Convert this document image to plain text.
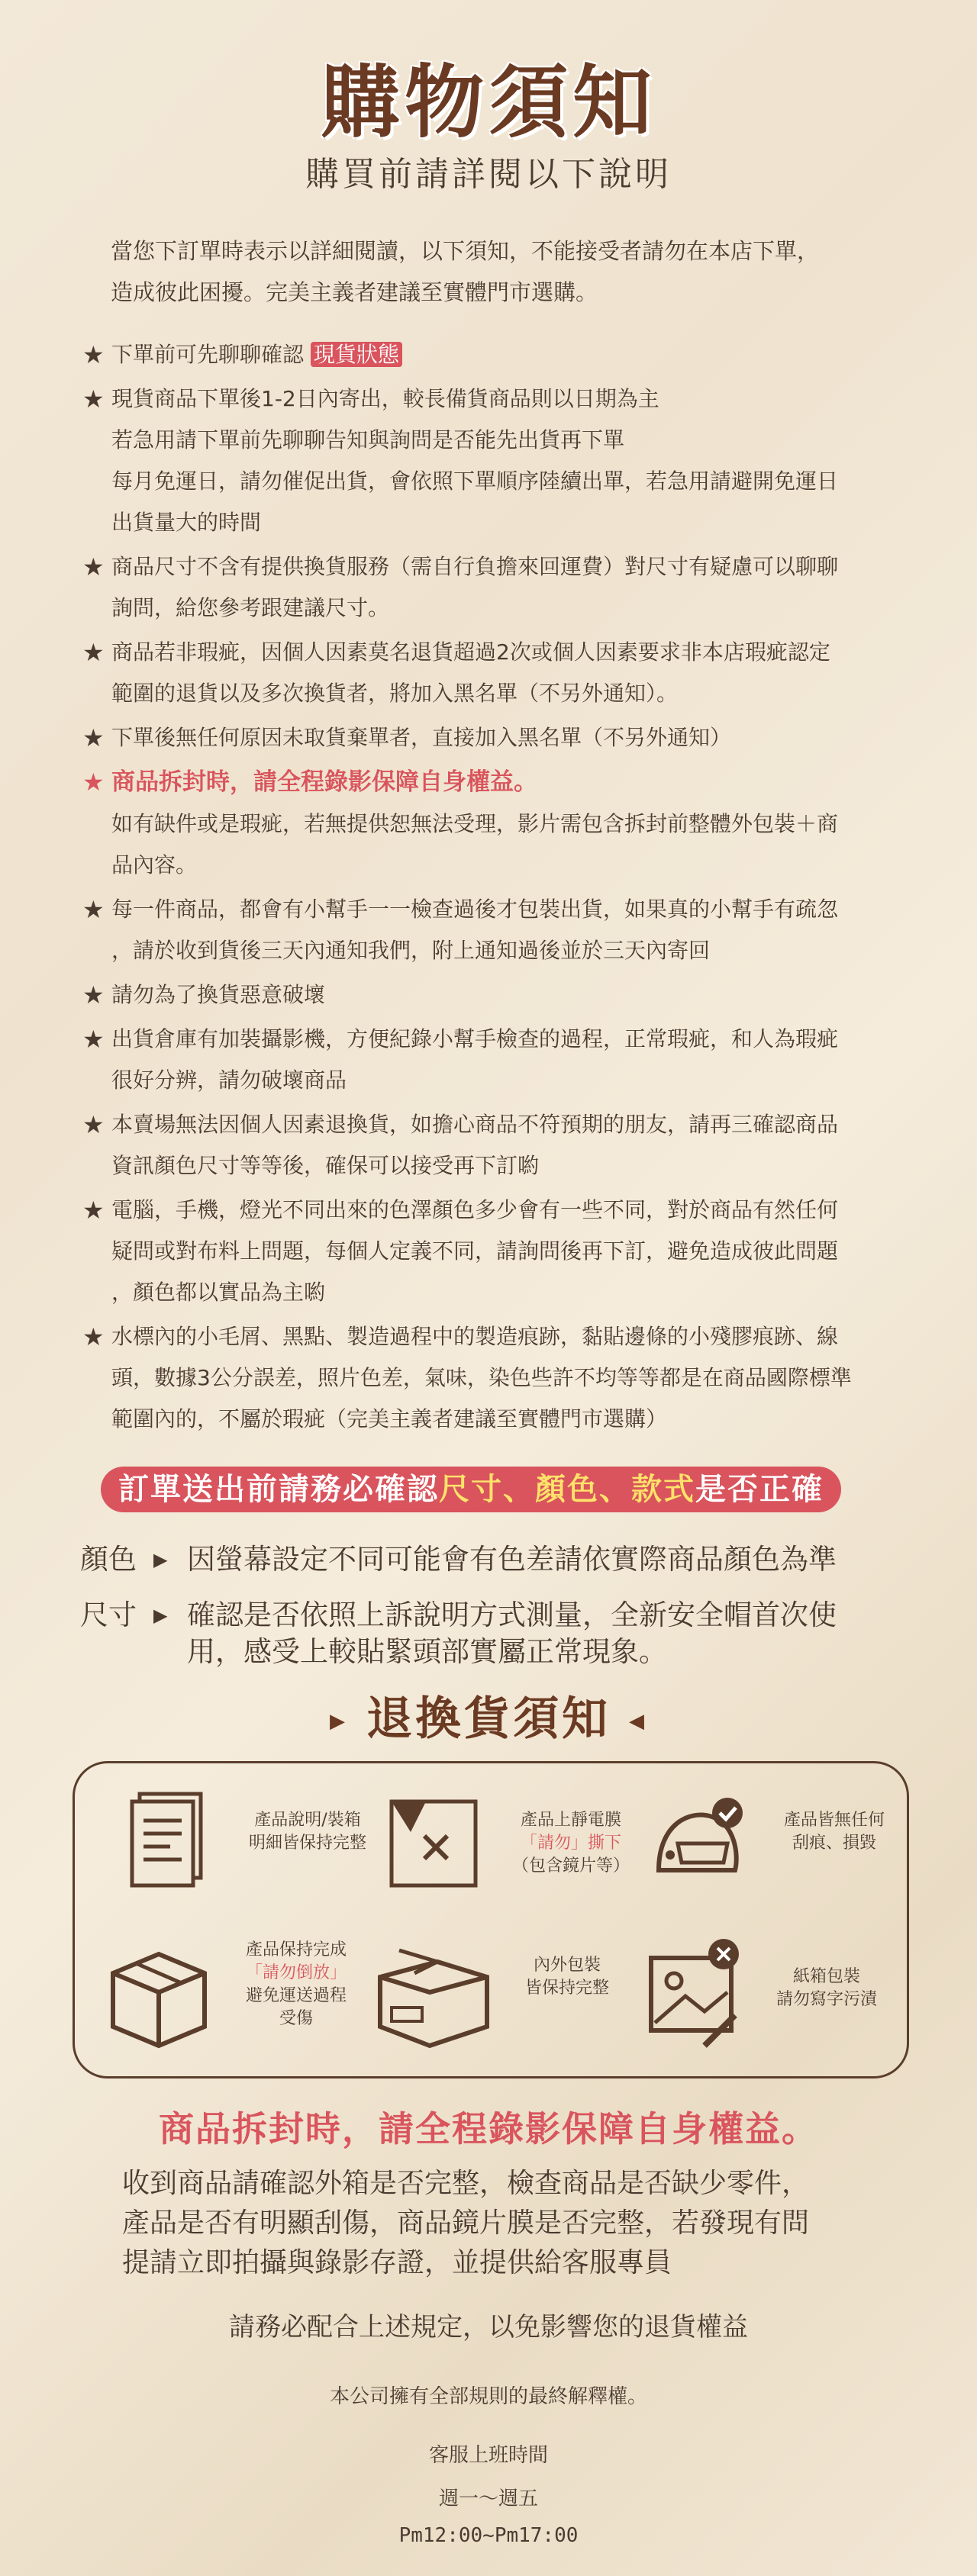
購物須知
購買前請詳閱以下說明
當您下訂單時表示以詳細閱讀，以下須知，不能接受者請勿在本店下單，
造成彼此困擾。完美主義者建議至實體門市選購。
★ 下單前可先聊聊確認 現貨狀態
★ 現貨商品下單後1-2日內寄出，較長備貨商品則以日期為主
若急用請下單前先聊聊告知與詢問是否能先出貨再下單
每月免運日，請勿催促出貨，會依照下單順序陸續出單，若急用請避開免運日
出貨量大的時間
★ 商品尺寸不含有提供換貨服務（需自行負擔來回運費）對尺寸有疑慮可以聊聊
詢問，給您參考跟建議尺寸。
★ 商品若非瑕疵，因個人因素莫名退貨超過2次或個人因素要求非本店瑕疵認定
範圍的退貨以及多次換貨者，將加入黑名單（不另外通知）。
★ 下單後無任何原因未取貨棄單者，直接加入黑名單（不另外通知）
★ 商品拆封時，請全程錄影保障自身權益。
如有缺件或是瑕疵，若無提供恕無法受理，影片需包含拆封前整體外包裝＋商
品內容。
★ 每一件商品，都會有小幫手一一檢查過後才包裝出貨，如果真的小幫手有疏忽
，請於收到貨後三天內通知我們，附上通知過後並於三天內寄回
★ 請勿為了換貨惡意破壞
★ 出貨倉庫有加裝攝影機，方便紀錄小幫手檢查的過程，正常瑕疵，和人為瑕疵
很好分辨，請勿破壞商品
★ 本賣場無法因個人因素退換貨，如擔心商品不符預期的朋友，請再三確認商品
資訊顏色尺寸等等後，確保可以接受再下訂喲
★ 電腦，手機，燈光不同出來的色澤顏色多少會有一些不同，對於商品有然任何
疑問或對布料上問題，每個人定義不同，請詢問後再下訂，避免造成彼此問題
，顏色都以實品為主喲
★ 水標內的小毛屑、黑點、製造過程中的製造痕跡，黏貼邊條的小殘膠痕跡、線
頭，數據3公分誤差，照片色差，氣味，染色些許不均等等都是在商品國際標準
範圍內的，不屬於瑕疵（完美主義者建議至實體門市選購）
訂單送出前請務必確認尺寸、顏色、款式是否正確
顏色 ▶ 因螢幕設定不同可能會有色差請依實際商品顏色為準
尺寸 ▶ 確認是否依照上訴說明方式測量，全新安全帽首次使
用，感受上較貼緊頭部實屬正常現象。
▶ 退換貨須知 ◀
產品說明/裝箱
明細皆保持完整
產品上靜電膜
「請勿」撕下
（包含鏡片等）
產品皆無任何
刮痕、損毀
產品保持完成
「請勿倒放」
避免運送過程
受傷
內外包裝
皆保持完整
紙箱包裝
請勿寫字污漬
商品拆封時，請全程錄影保障自身權益。
收到商品請確認外箱是否完整，檢查商品是否缺少零件，
產品是否有明顯刮傷，商品鏡片膜是否完整，若發現有問
提請立即拍攝與錄影存證，並提供給客服專員
請務必配合上述規定，以免影響您的退貨權益
本公司擁有全部規則的最終解釋權。
客服上班時間
週一～週五
Pm12:00~Pm17:00
